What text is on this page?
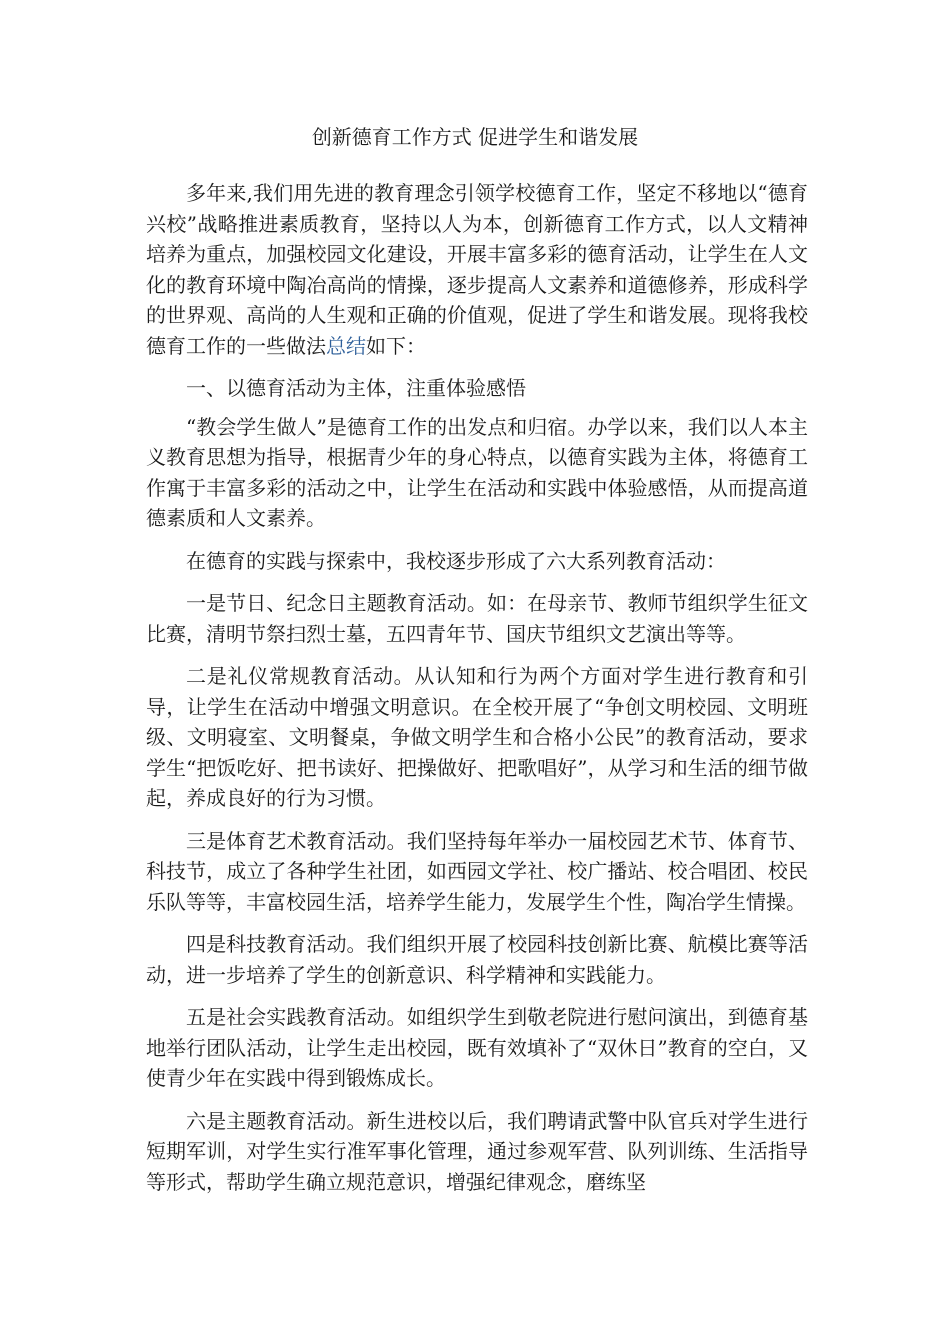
创新德育工作方式 促进学生和谐发展

多年来,我们用先进的教育理念引领学校德育工作，坚定不移地以“德育兴校”战略推进素质教育，坚持以人为本，创新德育工作方式，以人文精神培养为重点，加强校园文化建设，开展丰富多彩的德育活动，让学生在人文化的教育环境中陶冶高尚的情操，逐步提高人文素养和道德修养，形成科学的世界观、高尚的人生观和正确的价值观，促进了学生和谐发展。现将我校德育工作的一些做法总结如下：

一、以德育活动为主体，注重体验感悟

“教会学生做人”是德育工作的出发点和归宿。办学以来，我们以人本主义教育思想为指导，根据青少年的身心特点，以德育实践为主体，将德育工作寓于丰富多彩的活动之中，让学生在活动和实践中体验感悟，从而提高道德素质和人文素养。

在德育的实践与探索中，我校逐步形成了六大系列教育活动：

一是节日、纪念日主题教育活动。如：在母亲节、教师节组织学生征文比赛，清明节祭扫烈士墓，五四青年节、国庆节组织文艺演出等等。

二是礼仪常规教育活动。从认知和行为两个方面对学生进行教育和引导，让学生在活动中增强文明意识。在全校开展了“争创文明校园、文明班级、文明寝室、文明餐桌，争做文明学生和合格小公民”的教育活动，要求学生“把饭吃好、把书读好、把操做好、把歌唱好”，从学习和生活的细节做起，养成良好的行为习惯。

三是体育艺术教育活动。我们坚持每年举办一届校园艺术节、体育节、科技节，成立了各种学生社团，如西园文学社、校广播站、校合唱团、校民乐队等等，丰富校园生活，培养学生能力，发展学生个性，陶冶学生情操。

四是科技教育活动。我们组织开展了校园科技创新比赛、航模比赛等活动，进一步培养了学生的创新意识、科学精神和实践能力。

五是社会实践教育活动。如组织学生到敬老院进行慰问演出，到德育基地举行团队活动，让学生走出校园，既有效填补了“双休日”教育的空白，又使青少年在实践中得到锻炼成长。

六是主题教育活动。新生进校以后，我们聘请武警中队官兵对学生进行短期军训，对学生实行准军事化管理，通过参观军营、队列训练、生活指导等形式，帮助学生确立规范意识，增强纪律观念，磨练坚
